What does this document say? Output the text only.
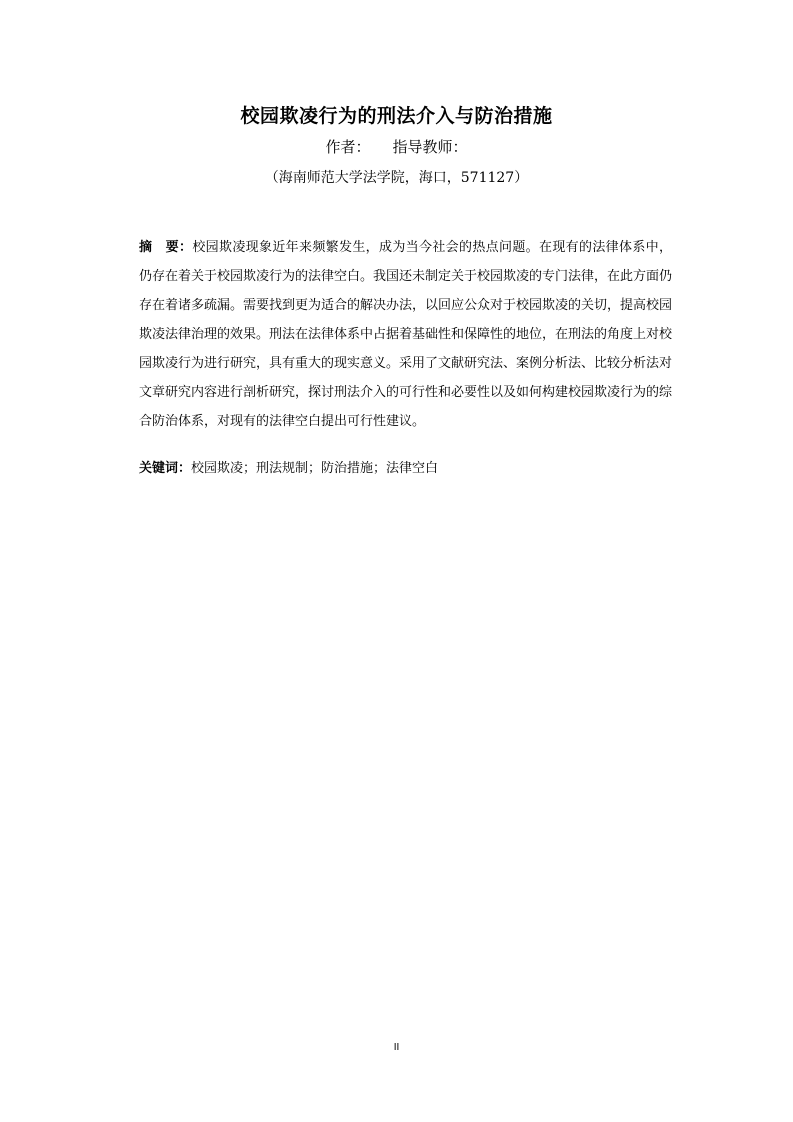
校园欺凌行为的刑法介入与防治措施
作者： 指导教师：
（海南师范大学法学院，海口，571127）
摘　要：校园欺凌现象近年来频繁发生，成为当今社会的热点问题。在现有的法律体系中，仍存在着关于校园欺凌行为的法律空白。我国还未制定关于校园欺凌的专门法律，在此方面仍存在着诸多疏漏。需要找到更为适合的解决办法，以回应公众对于校园欺凌的关切，提高校园欺凌法律治理的效果。刑法在法律体系中占据着基础性和保障性的地位，在刑法的角度上对校园欺凌行为进行研究，具有重大的现实意义。采用了文献研究法、案例分析法、比较分析法对文章研究内容进行剖析研究，探讨刑法介入的可行性和必要性以及如何构建校园欺凌行为的综合防治体系，对现有的法律空白提出可行性建议。
关键词：校园欺凌；刑法规制；防治措施；法律空白
II
